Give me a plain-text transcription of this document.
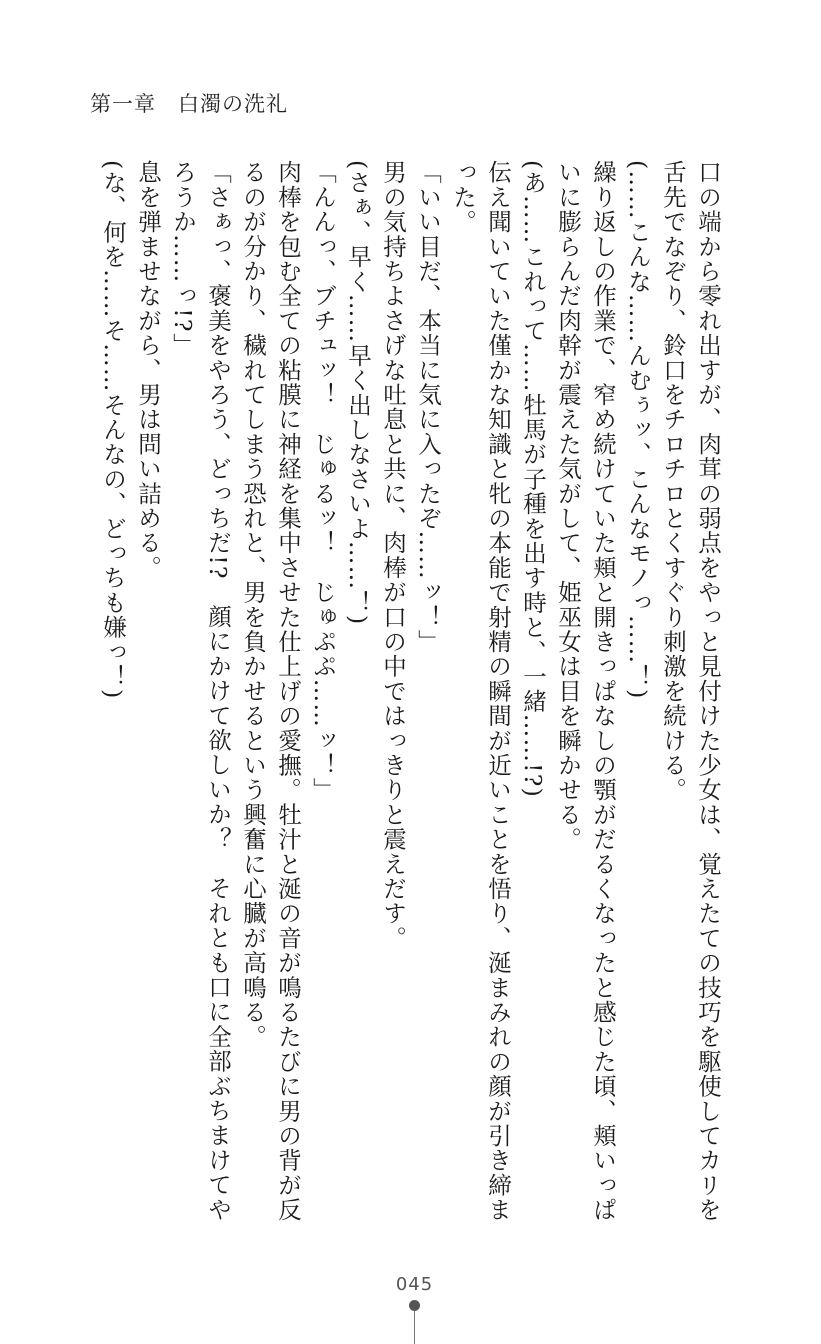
第一章　白濁の洗礼

口の端から零れ出すが、肉茸の弱点をやっと見付けた少女は、覚えたての技巧を駆使してカリを舌先でなぞり、鈴口をチロチロとくすぐり刺激を続ける。

(……こんな……んむぅッ、こんなモノっ……！)

繰り返しの作業で、窄め続けていた頬と開きっぱなしの顎がだるくなったと感じた頃、頬いっぱいに膨らんだ肉幹が震えた気がして、姫巫女は目を瞬かせる。

(あ……これって……牡馬が子種を出す時と、一緒……!?)

伝え聞いていた僅かな知識と牝の本能で射精の瞬間が近いことを悟り、涎まみれの顔が引き締まった。

「いい目だ、本当に気に入ったぞ……ッ！」

男の気持ちよさげな吐息と共に、肉棒が口の中ではっきりと震えだす。

(さぁ、早く……早く出しなさいよ……！)

「んんっ、ブチュッ！　じゅるッ！　じゅぷぷ……ッ！」

肉棒を包む全ての粘膜に神経を集中させた仕上げの愛撫。牡汁と涎の音が鳴るたびに男の背が反るのが分かり、穢れてしまう恐れと、男を負かせるという興奮に心臓が高鳴る。

「さぁっ、褒美をやろう、どっちだ!?　顔にかけて欲しいか？　それとも口に全部ぶちまけてやろうか……っ!?」

息を弾ませながら、男は問い詰める。

(な、何を……そ……そんなの、どっちも嫌っ！)

045
